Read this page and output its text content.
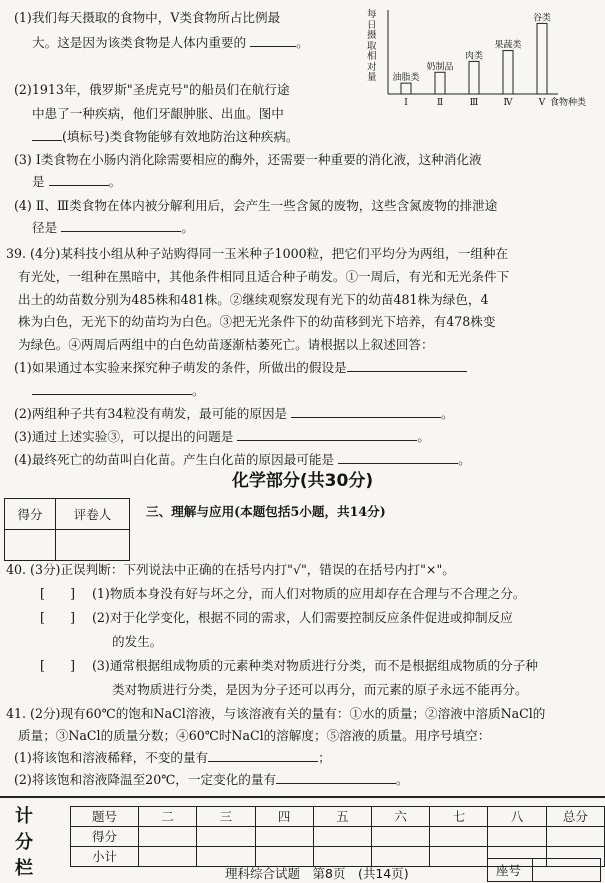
(1)我们每天摄取的食物中，V类食物所占比例最
大。这是因为该类食物是人体内重要的	。
(2)1913年，俄罗斯"圣虎克号"的船员们在航行途
中患了一种疾病，他们牙龈肿胀、出血。图中
(填标号)类食物能够有效地防治这种疾病。
(3) Ⅰ类食物在小肠内消化除需要相应的酶外，还需要一种重要的消化液，这种消化液
是	。
(4) Ⅱ、Ⅲ类食物在体内被分解利用后，会产生一些含氮的废物，这些含氮废物的排泄途
径是	。
每日摄取相对量 油脂类
Ⅰ
奶制品
Ⅱ
肉类
Ⅲ
果蔬类
Ⅳ
谷类
Ⅴ 食物种类
39. (4分)某科技小组从种子站购得同一玉米种子1000粒，把它们平均分为两组，一组种在
有光处，一组种在黑暗中，其他条件相同且适合种子萌发。①一周后，有光和无光条件下
出土的幼苗数分别为485株和481株。②继续观察发现有光下的幼苗481株为绿色，4
株为白色，无光下的幼苗均为白色。③把无光条件下的幼苗移到光下培养，有478株变
为绿色。④两周后两组中的白色幼苗逐渐枯萎死亡。请根据以上叙述回答：
(1)如果通过本实验来探究种子萌发的条件，所做出的假设是
。
(2)两组种子共有34粒没有萌发，最可能的原因是	。
(3)通过上述实验③，可以提出的问题是	。
(4)最终死亡的幼苗叫白化苗。产生白化苗的原因最可能是	。
化学部分(共30分)
得分	评卷人
		三、理解与应用(本题包括5小题，共14分)
40. (3分)正误判断：下列说法中正确的在括号内打"√"，错误的在括号内打"×"。
[　　] (1)物质本身没有好与坏之分，而人们对物质的应用却存在合理与不合理之分。
[　　] (2)对于化学变化，根据不同的需求，人们需要控制反应条件促进或抑制反应
的发生。
[　　] (3)通常根据组成物质的元素种类对物质进行分类，而不是根据组成物质的分子种
类对物质进行分类，是因为分子还可以再分，而元素的原子永远不能再分。
41. (2分)现有60℃的饱和NaCl溶液，与该溶液有关的量有：①水的质量；②溶液中溶质NaCl的
质量；③NaCl的质量分数；④60℃时NaCl的溶解度；⑤溶液的质量。用序号填空：
(1)将该饱和溶液稀释，不变的量有	；
(2)将该饱和溶液降温至20℃，一定变化的量有	。
计分栏
题号	二	三	四	五	六	七	八	总分
得分								
小计								
理科综合试题　第8页　(共14页)	座号
